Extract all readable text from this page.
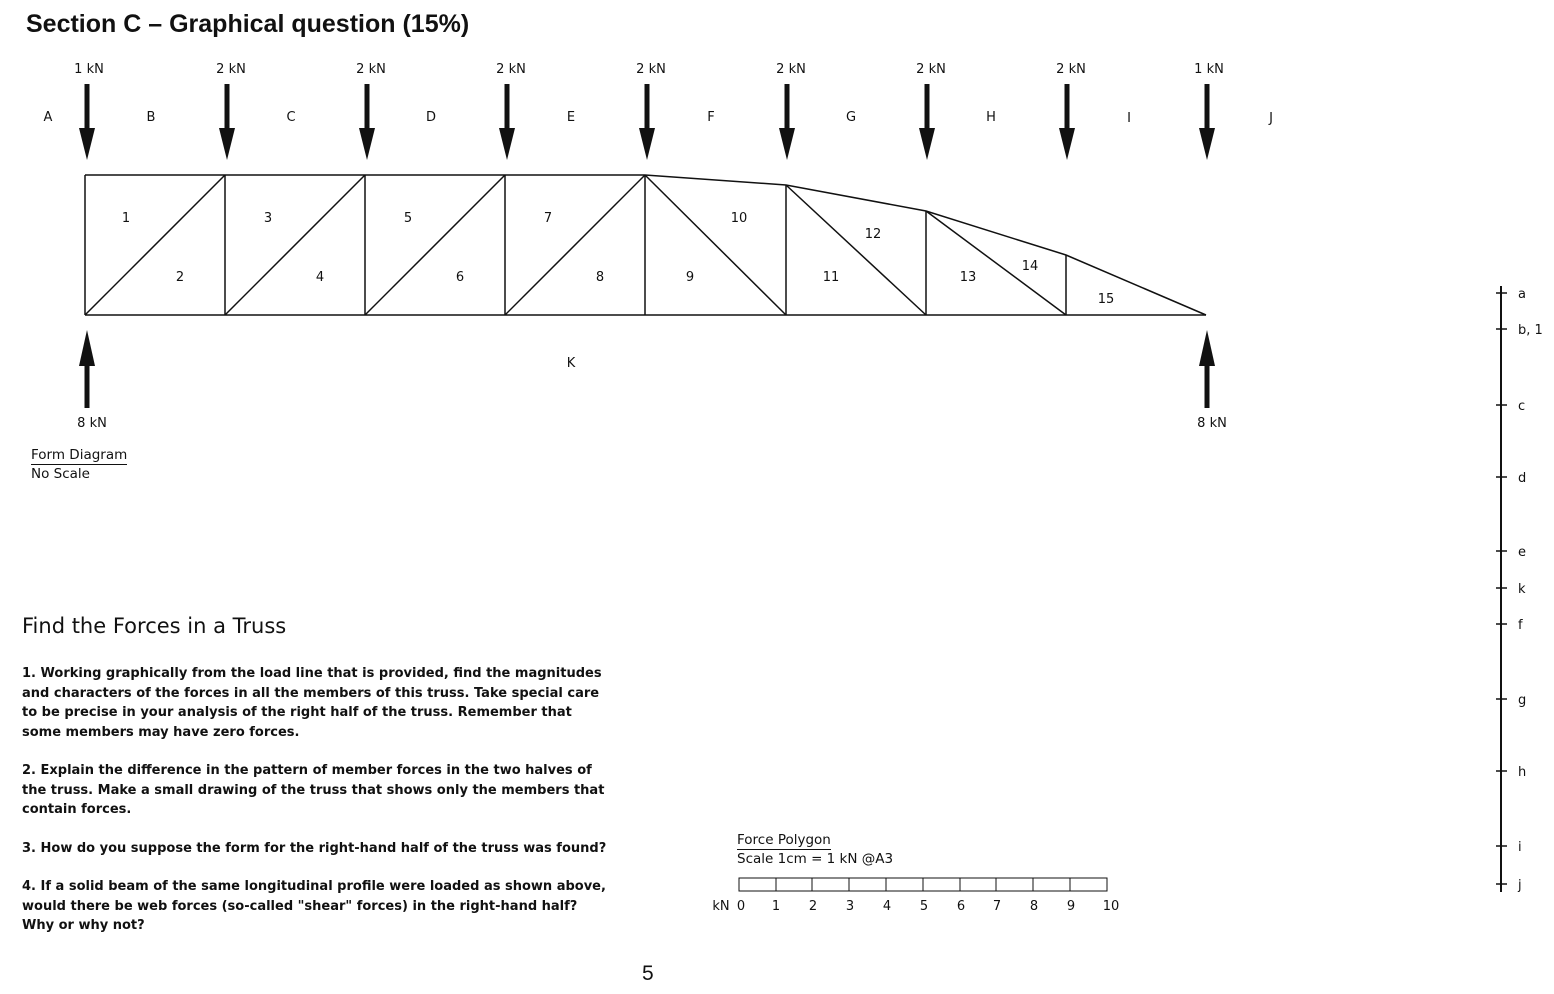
Section C – Graphical question (15%)
1 kN	2 kN	2 kN	2 kN	2 kN	2 kN	2 kN	2 kN	1 kN
A	B	C	D	E	F	G	H	I	J
K
1
2
3
4
5
6
7
8	9
10
11
12
13
14
15
8 kN	8 kN
a
b, 1
c
d
e
k
f
g
h
i
j
kN 0 1 2 3 4 5 6 7 8 9 10
Form Diagram
No Scale
Force Polygon
Scale 1cm = 1 kN @A3
Find the Forces in a Truss

1. Working graphically from the load line that is provided, find the magnitudes and characters of the forces in all the members of this truss. Take special care to be precise in your analysis of the right half of the truss. Remember that some members may have zero forces.

2. Explain the difference in the pattern of member forces in the two halves of the truss. Make a small drawing of the truss that shows only the members that contain forces.

3. How do you suppose the form for the right-hand half of the truss was found?

4. If a solid beam of the same longitudinal profile were loaded as shown above, would there be web forces (so-called "shear" forces) in the right-hand half? Why or why not?

5
